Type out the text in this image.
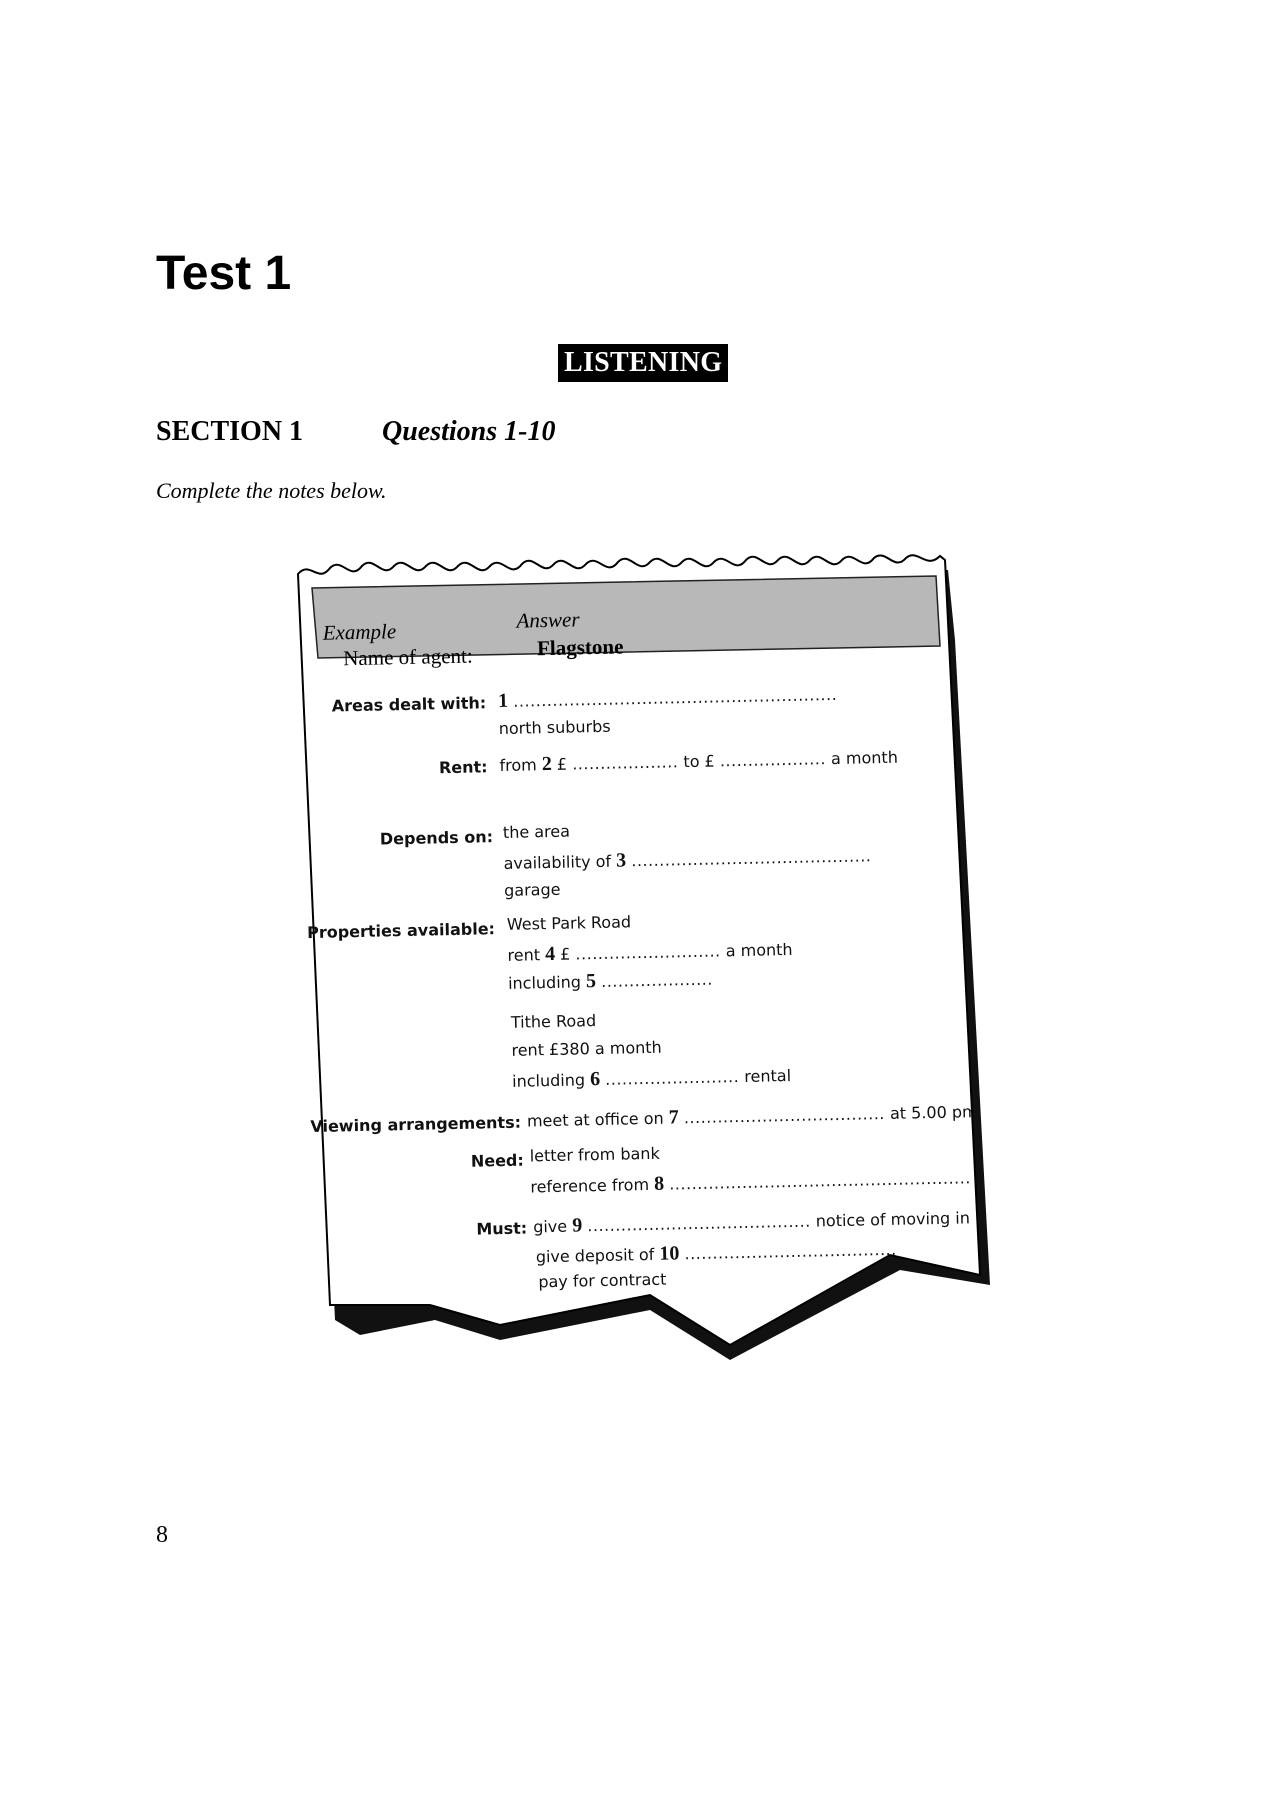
Test 1
LISTENING
SECTION 1	Questions 1-10
Complete the notes below.
Example	Answer
Name of agent:	Flagstone
Areas dealt with: 1 ..........................................................
north suburbs
Rent: from 2 £ ................... to £ ................... a month
Depends on: the area
availability of 3 ...........................................
garage
Properties available: West Park Road
rent 4 £ .......................... a month
including 5 ....................
Tithe Road
rent £380 a month
including 6 ........................ rental
Viewing arrangements: meet at office on 7 .................................... at 5.00 pm
Need: letter from bank
reference from 8 ......................................................
Must: give 9 ........................................ notice of moving in
give deposit of 10 ......................................
pay for contract
8
